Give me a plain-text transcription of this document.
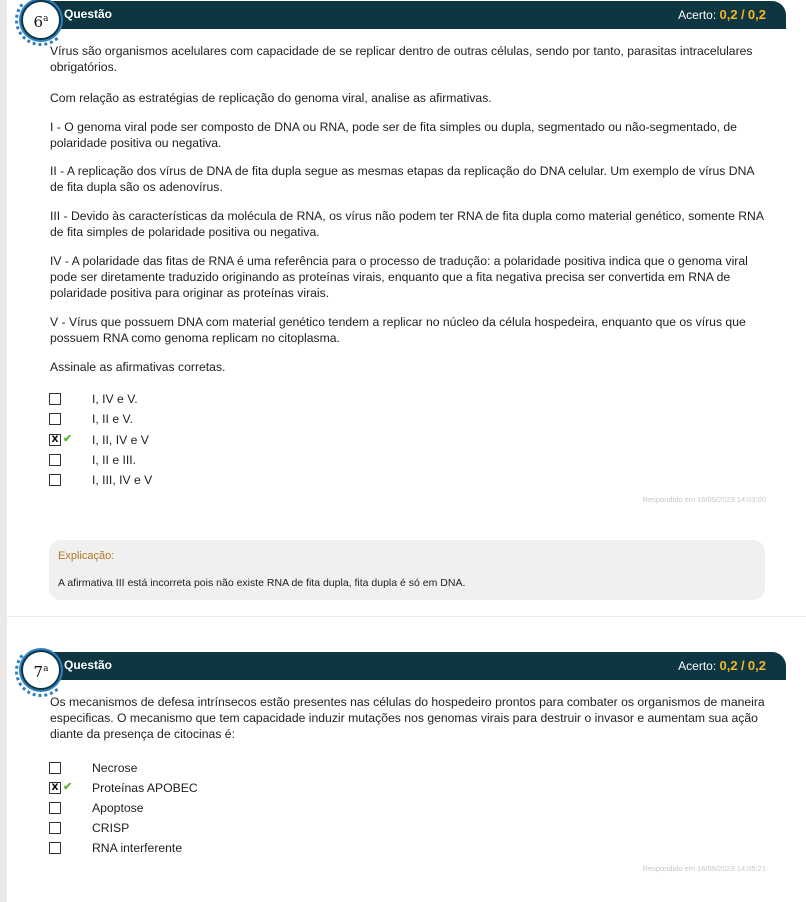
Questão	Acerto: 0,2 / 0,2
6$^a$

Vírus são organismos acelulares com capacidade de se replicar dentro de outras células, sendo por tanto, parasitas intracelulares obrigatórios.

Com relação as estratégias de replicação do genoma viral, analise as afirmativas.

I - O genoma viral pode ser composto de DNA ou RNA, pode ser de fita simples ou dupla, segmentado ou não-segmentado, de polaridade positiva ou negativa.

II - A replicação dos vírus de DNA de fita dupla segue as mesmas etapas da replicação do DNA celular. Um exemplo de vírus DNA de fita dupla são os adenovírus.

III - Devido às características da molécula de RNA, os vírus não podem ter RNA de fita dupla como material genético, somente RNA de fita simples de polaridade positiva ou negativa.

IV - A polaridade das fitas de RNA é uma referência para o processo de tradução: a polaridade positiva indica que o genoma viral pode ser diretamente traduzido originando as proteínas virais, enquanto que a fita negativa precisa ser convertida em RNA de polaridade positiva para originar as proteínas virais.

V - Vírus que possuem DNA com material genético tendem a replicar no núcleo da célula hospedeira, enquanto que os vírus que possuem RNA como genoma replicam no citoplasma.

Assinale as afirmativas corretas.

I, IV e V.
I, II e V.
X ✔ I, II, IV e V
I, II e III.
I, III, IV e V
Respondido em 16/09/2023 14:03:00
Explicação:
A afirmativa III está incorreta pois não existe RNA de fita dupla, fita dupla é só em DNA.
Questão	Acerto: 0,2 / 0,2
7$^a$

Os mecanismos de defesa intrínsecos estão presentes nas células do hospedeiro prontos para combater os organismos de maneira especificas. O mecanismo que tem capacidade induzir mutações nos genomas virais para destruir o invasor e aumentam sua ação diante da presença de citocinas é:

Necrose
X ✔ Proteínas APOBEC
Apoptose
CRISP
RNA interferente
Respondido em 16/09/2023 14:05:21
